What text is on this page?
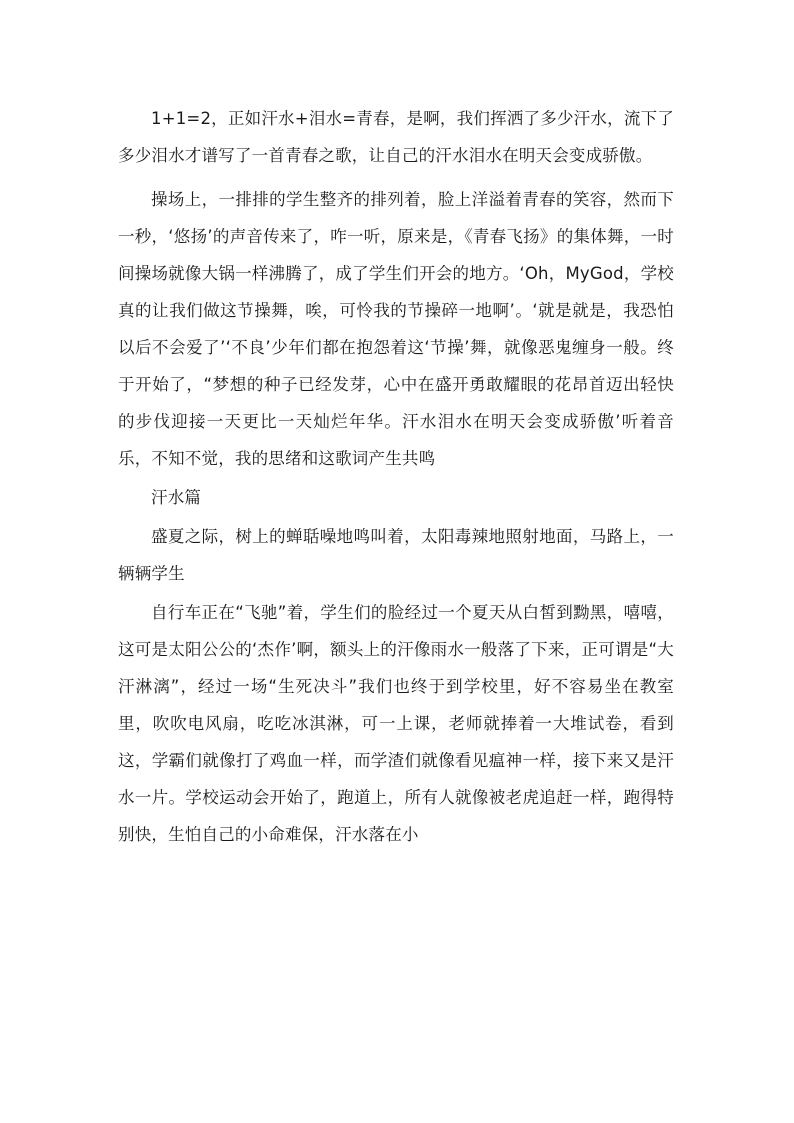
1+1=2，正如汗水+泪水=青春，是啊，我们挥洒了多少汗水，流下了多少泪水才谱写了一首青春之歌，让自己的汗水泪水在明天会变成骄傲。

操场上，一排排的学生整齐的排列着，脸上洋溢着青春的笑容，然而下一秒，‘悠扬’的声音传来了，咋一听，原来是，《青春飞扬》的集体舞，一时间操场就像大锅一样沸腾了，成了学生们开会的地方。‘Oh，MyGod，学校真的让我们做这节操舞，唉，可怜我的节操碎一地啊’。‘就是就是，我恐怕以后不会爱了’‘不良’少年们都在抱怨着这‘节操’舞，就像恶鬼缠身一般。终于开始了，“梦想的种子已经发芽，心中在盛开勇敢耀眼的花昂首迈出轻快的步伐迎接一天更比一天灿烂年华。汗水泪水在明天会变成骄傲’听着音乐，不知不觉，我的思绪和这歌词产生共鸣

汗水篇

盛夏之际，树上的蝉聒噪地鸣叫着，太阳毒辣地照射地面，马路上，一辆辆学生

自行车正在“飞驰”着，学生们的脸经过一个夏天从白皙到黝黑，嘻嘻，这可是太阳公公的‘杰作’啊，额头上的汗像雨水一般落了下来，正可谓是“大汗淋漓”，经过一场“生死决斗”我们也终于到学校里，好不容易坐在教室里，吹吹电风扇，吃吃冰淇淋，可一上课，老师就捧着一大堆试卷，看到这，学霸们就像打了鸡血一样，而学渣们就像看见瘟神一样，接下来又是汗水一片。学校运动会开始了，跑道上，所有人就像被老虎追赶一样，跑得特别快，生怕自己的小命难保，汗水落在小
